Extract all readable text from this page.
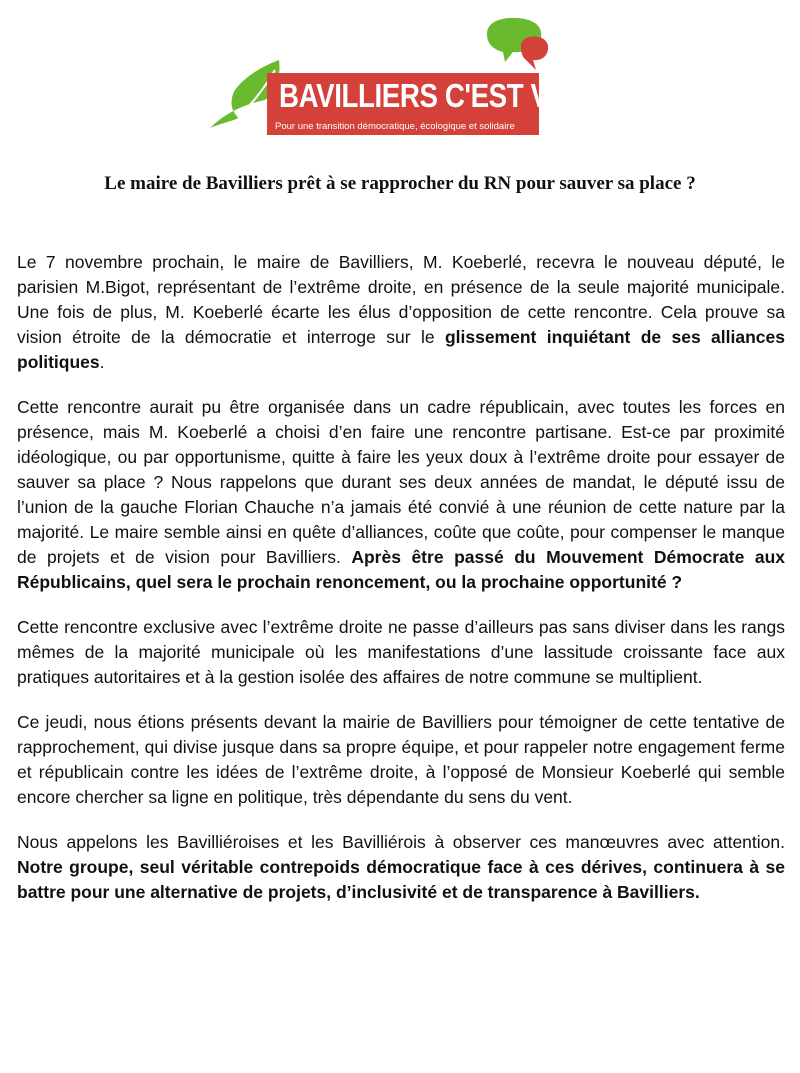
BAVILLIERS C'EST VOUS
Pour une transition démocratique, écologique et solidaire
Le maire de Bavilliers prêt à se rapprocher du RN pour sauver sa place ?

Le 7 novembre prochain, le maire de Bavilliers, M. Koeberlé, recevra le nouveau député, le parisien M.Bigot, représentant de l’extrême droite, en présence de la seule majorité municipale. Une fois de plus, M. Koeberlé écarte les élus d’opposition de cette rencontre. Cela prouve sa vision étroite de la démocratie et interroge sur le glissement inquiétant de ses alliances politiques.

Cette rencontre aurait pu être organisée dans un cadre républicain, avec toutes les forces en présence, mais M. Koeberlé a choisi d’en faire une rencontre partisane. Est-ce par proximité idéologique, ou par opportunisme, quitte à faire les yeux doux à l’extrême droite pour essayer de sauver sa place ? Nous rappelons que durant ses deux années de mandat, le député issu de l’union de la gauche Florian Chauche n’a jamais été convié à une réunion de cette nature par la majorité. Le maire semble ainsi en quête d’alliances, coûte que coûte, pour compenser le manque de projets et de vision pour Bavilliers. Après être passé du Mouvement Démocrate aux Républicains, quel sera le prochain renoncement, ou la prochaine opportunité ?

Cette rencontre exclusive avec l’extrême droite ne passe d’ailleurs pas sans diviser dans les rangs mêmes de la majorité municipale où les manifestations d’une lassitude croissante face aux pratiques autoritaires et à la gestion isolée des affaires de notre commune se multiplient.

Ce jeudi, nous étions présents devant la mairie de Bavilliers pour témoigner de cette tentative de rapprochement, qui divise jusque dans sa propre équipe, et pour rappeler notre engagement ferme et républicain contre les idées de l’extrême droite, à l’opposé de Monsieur Koeberlé qui semble encore chercher sa ligne en politique, très dépendante du sens du vent.

Nous appelons les Bavilliéroises et les Bavilliérois à observer ces manœuvres avec attention. Notre groupe, seul véritable contrepoids démocratique face à ces dérives, continuera à se battre pour une alternative de projets, d’inclusivité et de transparence à Bavilliers.
